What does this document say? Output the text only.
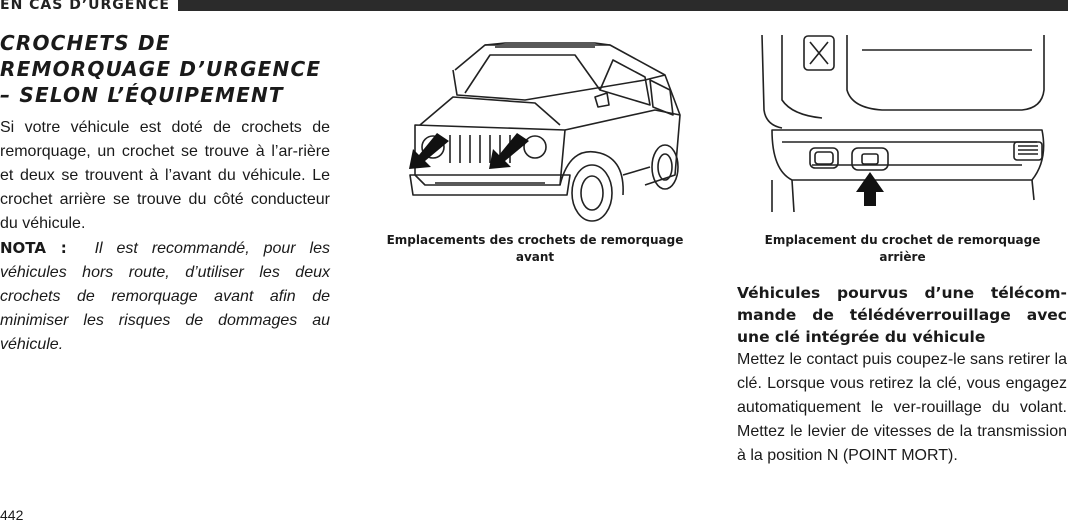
EN CAS D’URGENCE
CROCHETS DE REMORQUAGE D’URGENCE – SELON L’ÉQUIPEMENT

Si votre véhicule est doté de crochets de remorquage, un crochet se trouve à l’ar-rière et deux se trouvent à l’avant du véhicule. Le crochet arrière se trouve du côté conducteur du véhicule.

NOTA : Il est recommandé, pour les véhicules hors route, d’utiliser les deux crochets de remorquage avant afin de minimiser les risques de dommages au véhicule.

Emplacements des crochets de remorquage avant

Emplacement du crochet de remorquage arrière

Véhicules pourvus d’une télécom-mande de télédéverrouillage avec une clé intégrée du véhicule

Mettez le contact puis coupez-le sans retirer la clé. Lorsque vous retirez la clé, vous engagez automatiquement le ver-rouillage du volant. Mettez le levier de vitesses de la transmission à la position N (POINT MORT).

442
